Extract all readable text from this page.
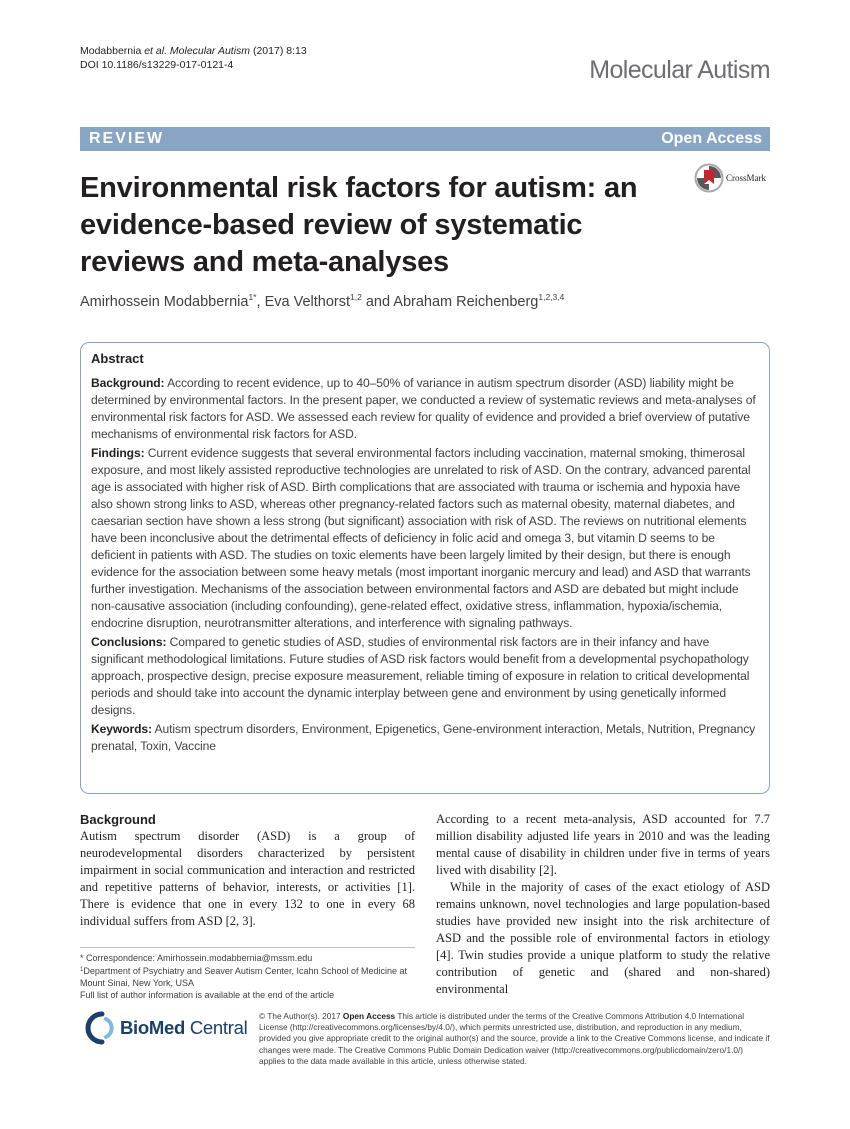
Modabbernia et al. Molecular Autism (2017) 8:13
DOI 10.1186/s13229-017-0121-4	Molecular Autism
REVIEW	Open Access
Environmental risk factors for autism: an evidence-based review of systematic reviews and meta-analyses
CrossMark
Amirhossein Modabbernia$^{1*}$, Eva Velthorst$^{1,2}$ and Abraham Reichenberg$^{1,2,3,4}$
Abstract

Background: According to recent evidence, up to 40–50% of variance in autism spectrum disorder (ASD) liability might be determined by environmental factors. In the present paper, we conducted a review of systematic reviews and meta-analyses of environmental risk factors for ASD. We assessed each review for quality of evidence and provided a brief overview of putative mechanisms of environmental risk factors for ASD.

Findings: Current evidence suggests that several environmental factors including vaccination, maternal smoking, thimerosal exposure, and most likely assisted reproductive technologies are unrelated to risk of ASD. On the contrary, advanced parental age is associated with higher risk of ASD. Birth complications that are associated with trauma or ischemia and hypoxia have also shown strong links to ASD, whereas other pregnancy-related factors such as maternal obesity, maternal diabetes, and caesarian section have shown a less strong (but significant) association with risk of ASD. The reviews on nutritional elements have been inconclusive about the detrimental effects of deficiency in folic acid and omega 3, but vitamin D seems to be deficient in patients with ASD. The studies on toxic elements have been largely limited by their design, but there is enough evidence for the association between some heavy metals (most important inorganic mercury and lead) and ASD that warrants further investigation. Mechanisms of the association between environmental factors and ASD are debated but might include non-causative association (including confounding), gene-related effect, oxidative stress, inflammation, hypoxia/ischemia, endocrine disruption, neurotransmitter alterations, and interference with signaling pathways.

Conclusions: Compared to genetic studies of ASD, studies of environmental risk factors are in their infancy and have significant methodological limitations. Future studies of ASD risk factors would benefit from a developmental psychopathology approach, prospective design, precise exposure measurement, reliable timing of exposure in relation to critical developmental periods and should take into account the dynamic interplay between gene and environment by using genetically informed designs.

Keywords: Autism spectrum disorders, Environment, Epigenetics, Gene-environment interaction, Metals, Nutrition, Pregnancy prenatal, Toxin, Vaccine

Background

Autism spectrum disorder (ASD) is a group of neurodevelopmental disorders characterized by persistent impairment in social communication and interaction and restricted and repetitive patterns of behavior, interests, or activities [1]. There is evidence that one in every 132 to one in every 68 individual suffers from ASD [2, 3].

According to a recent meta-analysis, ASD accounted for 7.7 million disability adjusted life years in 2010 and was the leading mental cause of disability in children under five in terms of years lived with disability [2].

While in the majority of cases of the exact etiology of ASD remains unknown, novel technologies and large population-based studies have provided new insight into the risk architecture of ASD and the possible role of environmental factors in etiology [4]. Twin studies provide a unique platform to study the relative contribution of genetic and (shared and non-shared) environmental

* Correspondence: Amirhossein.modabbernia@mssm.edu
$^1$Department of Psychiatry and Seaver Autism Center, Icahn School of Medicine at Mount Sinai, New York, USA
Full list of author information is available at the end of the article
BioMed Central
© The Author(s). 2017 Open Access This article is distributed under the terms of the Creative Commons Attribution 4.0 International License (http://creativecommons.org/licenses/by/4.0/), which permits unrestricted use, distribution, and reproduction in any medium, provided you give appropriate credit to the original author(s) and the source, provide a link to the Creative Commons license, and indicate if changes were made. The Creative Commons Public Domain Dedication waiver (http://creativecommons.org/publicdomain/zero/1.0/) applies to the data made available in this article, unless otherwise stated.
